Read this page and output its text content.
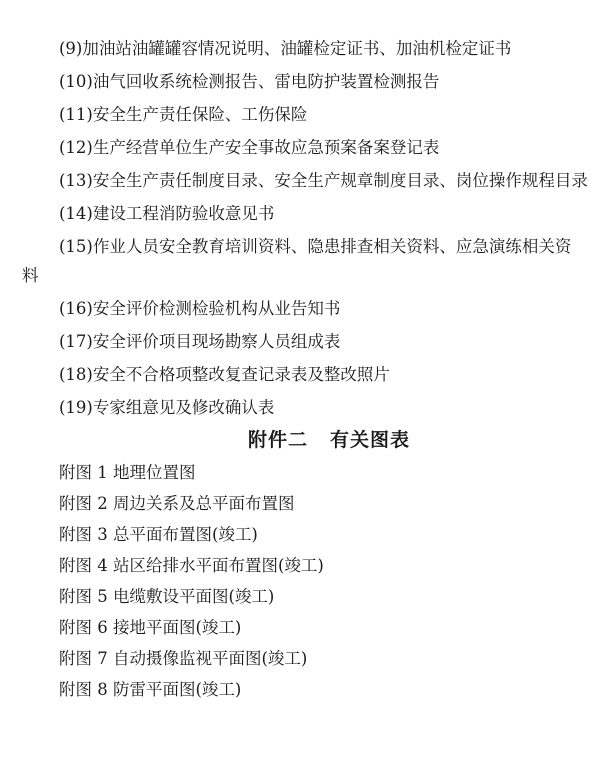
(9)加油站油罐罐容情况说明、油罐检定证书、加油机检定证书
(10)油气回收系统检测报告、雷电防护装置检测报告
(11)安全生产责任保险、工伤保险
(12)生产经营单位生产安全事故应急预案备案登记表
(13)安全生产责任制度目录、安全生产规章制度目录、岗位操作规程目录
(14)建设工程消防验收意见书
(15)作业人员安全教育培训资料、隐患排查相关资料、应急演练相关资
料
(16)安全评价检测检验机构从业告知书
(17)安全评价项目现场勘察人员组成表
(18)安全不合格项整改复查记录表及整改照片
(19)专家组意见及修改确认表
附件二 有关图表
附图 1 地理位置图
附图 2 周边关系及总平面布置图
附图 3 总平面布置图(竣工)
附图 4 站区给排水平面布置图(竣工)
附图 5 电缆敷设平面图(竣工)
附图 6 接地平面图(竣工)
附图 7 自动摄像监视平面图(竣工)
附图 8 防雷平面图(竣工)
